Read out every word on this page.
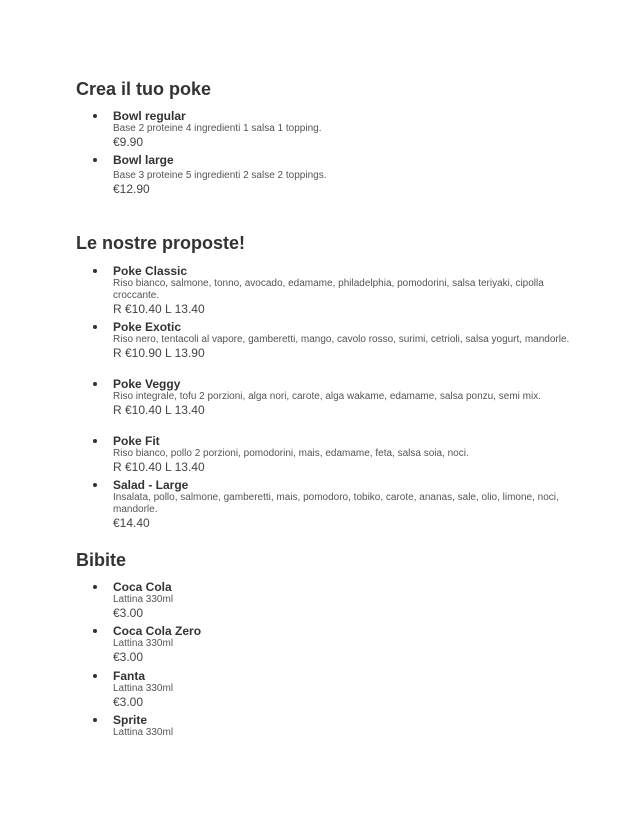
Crea il tuo poke
Bowl regular
Base 2 proteine 4 ingredienti 1 salsa 1 topping.
€9.90
Bowl large
Base 3 proteine 5 ingredienti 2 salse 2 toppings.
€12.90
Le nostre proposte!
Poke Classic
Riso bianco, salmone, tonno, avocado, edamame, philadelphia, pomodorini, salsa teriyaki, cipolla croccante.
R €10.40 L 13.40
Poke Exotic
Riso nero, tentacoli al vapore, gamberetti, mango, cavolo rosso, surimi, cetrioli, salsa yogurt, mandorle.
R €10.90 L 13.90
Poke Veggy
Riso integrale, tofu 2 porzioni, alga nori, carote, alga wakame, edamame, salsa ponzu, semi mix.
R €10.40 L 13.40
Poke Fit
Riso bianco, pollo 2 porzioni, pomodorini, mais, edamame, feta, salsa soia, noci.
R €10.40 L 13.40
Salad - Large
Insalata, pollo, salmone, gamberetti, mais, pomodoro, tobiko, carote, ananas, sale, olio, limone, noci, mandorle.
€14.40
Bibite
Coca Cola
Lattina 330ml
€3.00
Coca Cola Zero
Lattina 330ml
€3.00
Fanta
Lattina 330ml
€3.00
Sprite
Lattina 330ml
